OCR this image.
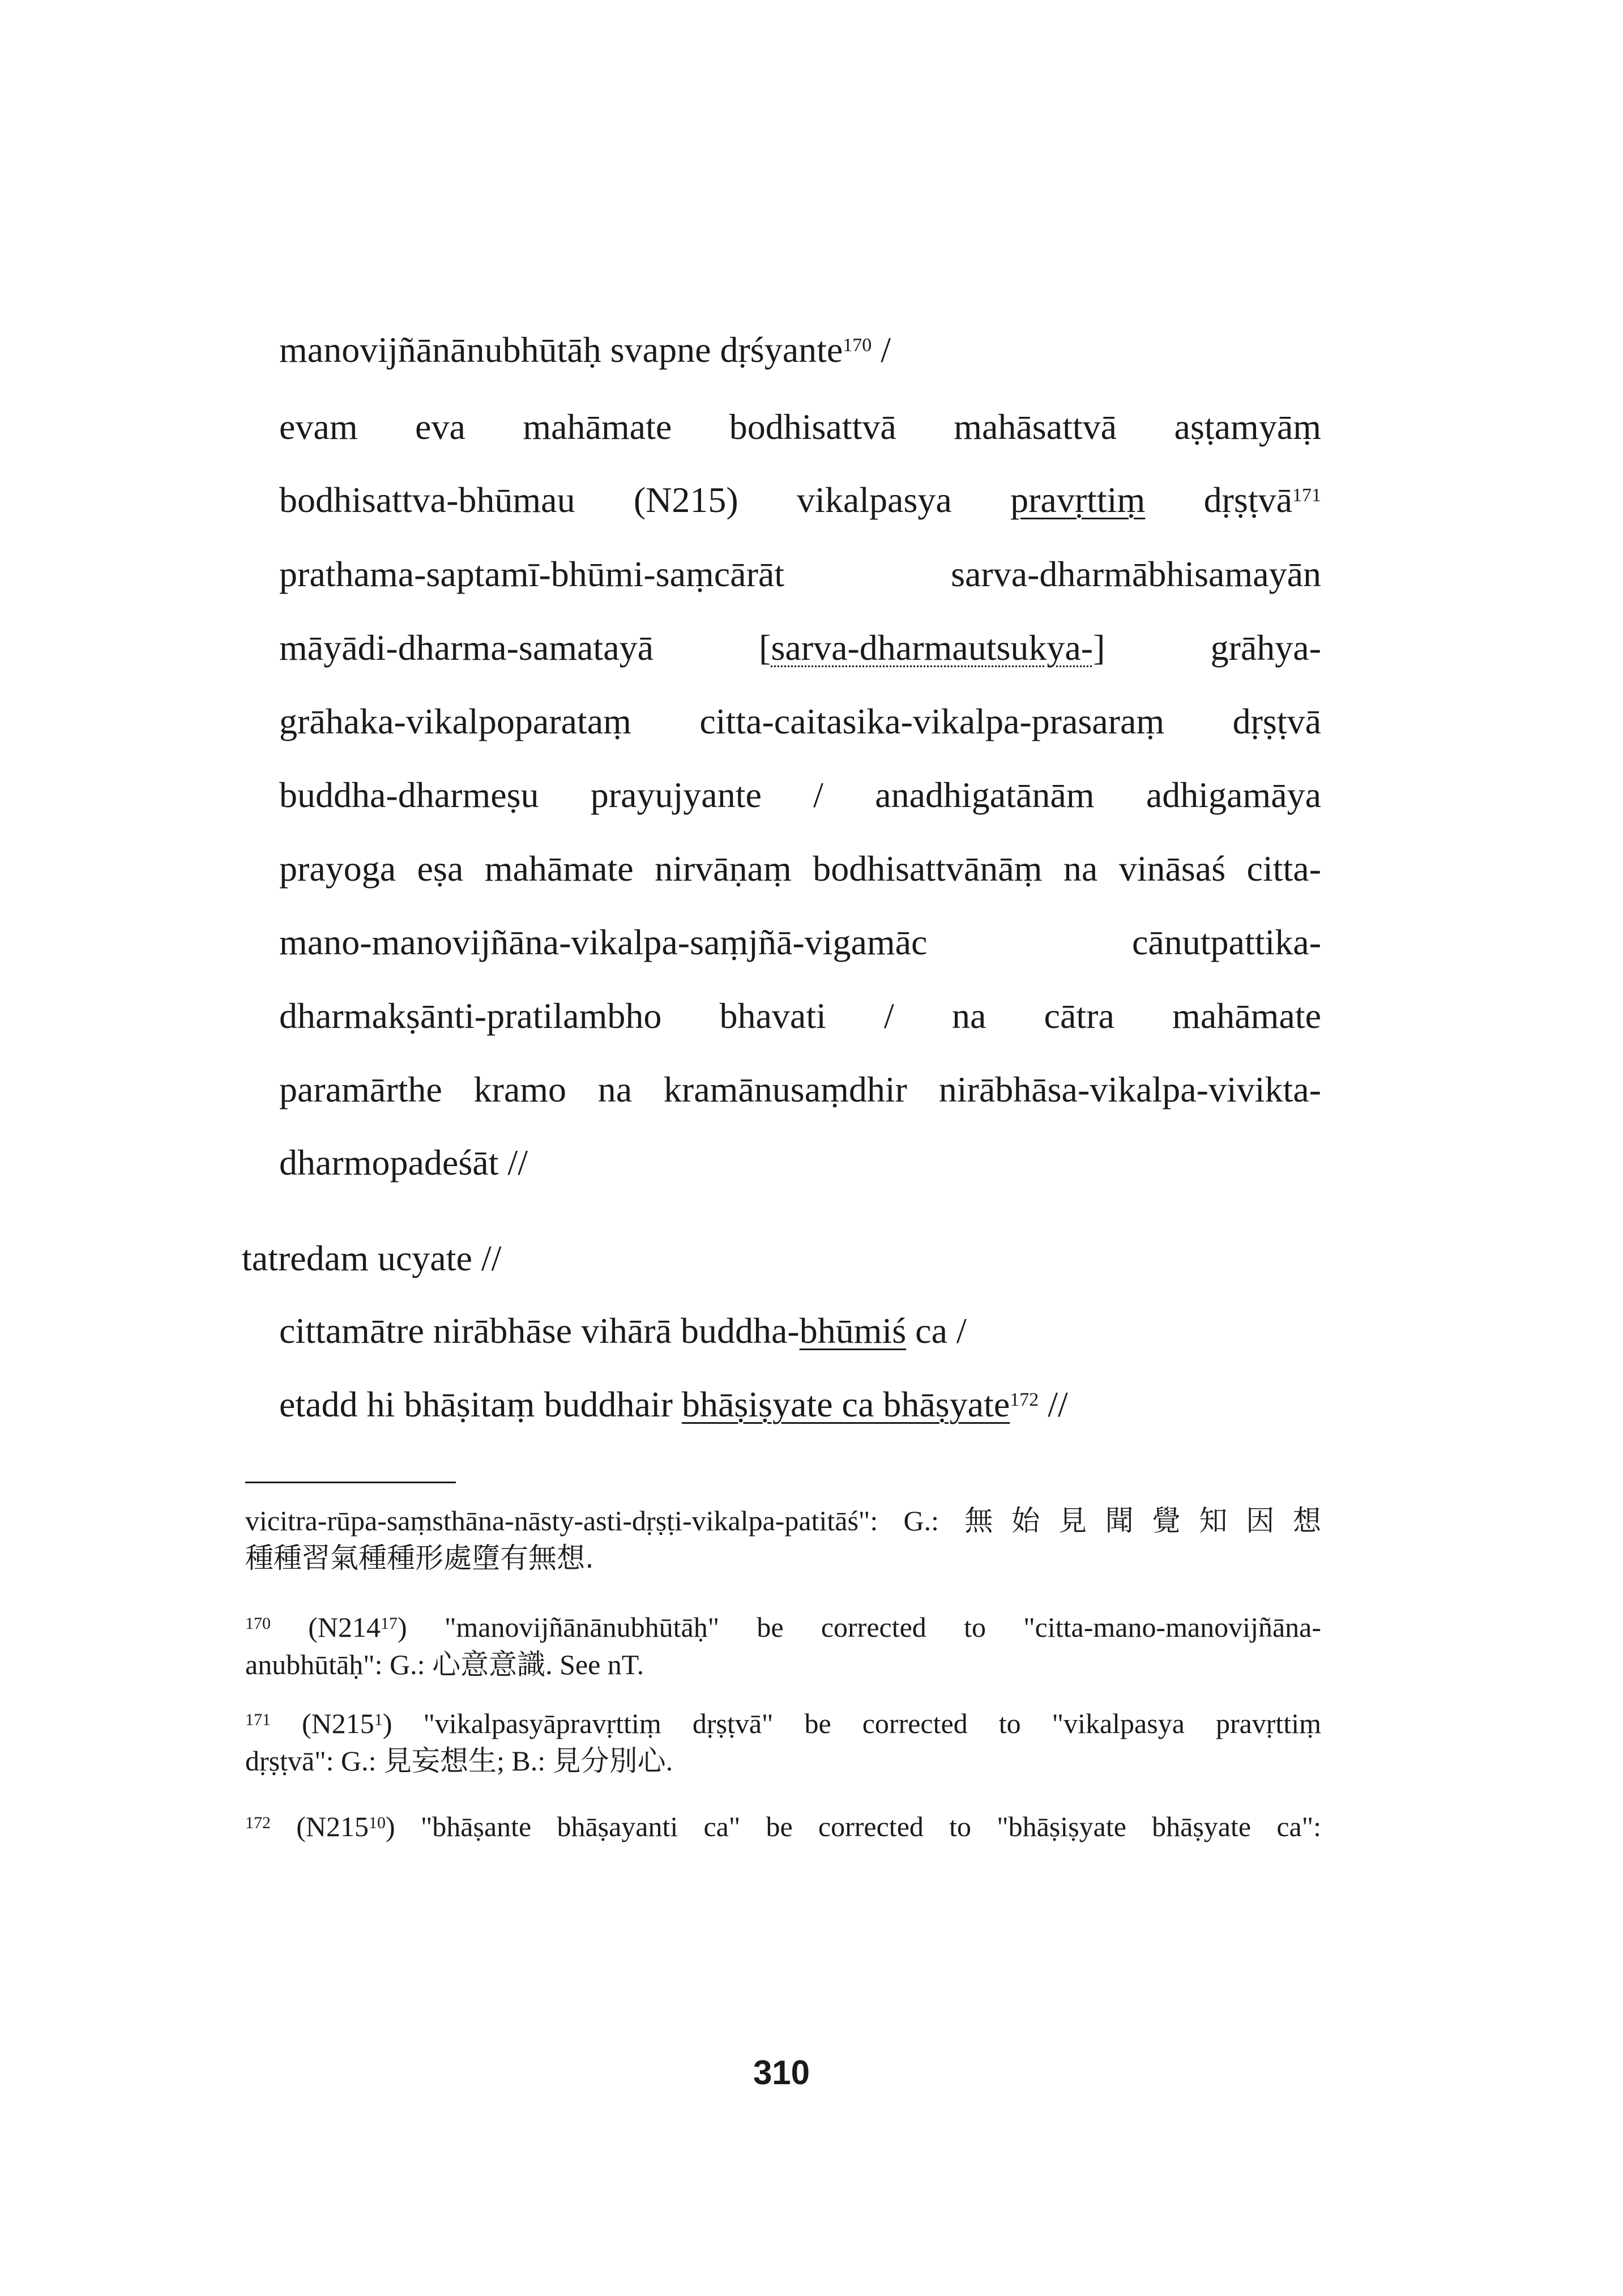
manovijñānānubhūtāḥ svapne dṛśyante$^{170}$ /
evam eva mahāmate bodhisattvā mahāsattvā aṣṭamyāṃ
bodhisattva-bhūmau (N215) vikalpasya pravṛttiṃ dṛṣṭvā$^{171}$
prathama-saptamī-bhūmi-saṃcārāt sarva-dharmābhisamayān
māyādi-dharma-samatayā [sarva-dharmautsukya-] grāhya-
grāhaka-vikalpoparataṃ citta-caitasika-vikalpa-prasaraṃ dṛṣṭvā
buddha-dharmeṣu prayujyante / anadhigatānām adhigamāya
prayoga eṣa mahāmate nirvāṇaṃ bodhisattvānāṃ na vināsaś citta-
mano-manovijñāna-vikalpa-saṃjñā-vigamāc cānutpattika-
dharmakṣānti-pratilambho bhavati / na cātra mahāmate
paramārthe kramo na kramānusaṃdhir nirābhāsa-vikalpa-vivikta-
dharmopadeśāt //
tatredam ucyate //
cittamātre nirābhāse vihārā buddha-bhūmiś ca /
etadd hi bhāṣitaṃ buddhair bhāṣiṣyate ca bhāṣyate$^{172}$ //
vicitra-rūpa-saṃsthāna-nāsty-asti-dṛṣṭi-vikalpa-patitāś": G.: 無始見聞覺知因想
種種習氣種種形處墮有無想.
$^{170}$ $(N214^{17})$ "manovijñānānubhūtāḥ" be corrected to "citta-mano-manovijñāna-
anubhūtāḥ": G.: 心意意識. See nT.
$^{171}$ $(N215^1)$ "vikalpasyāpravṛttiṃ dṛṣṭvā" be corrected to "vikalpasya pravṛttiṃ
dṛṣṭvā": G.: 見妄想生; B.: 見分別心.
$^{172}$ $(N215^{10})$ "bhāṣante bhāṣayanti ca" be corrected to "bhāṣiṣyate bhāṣyate ca":
310
